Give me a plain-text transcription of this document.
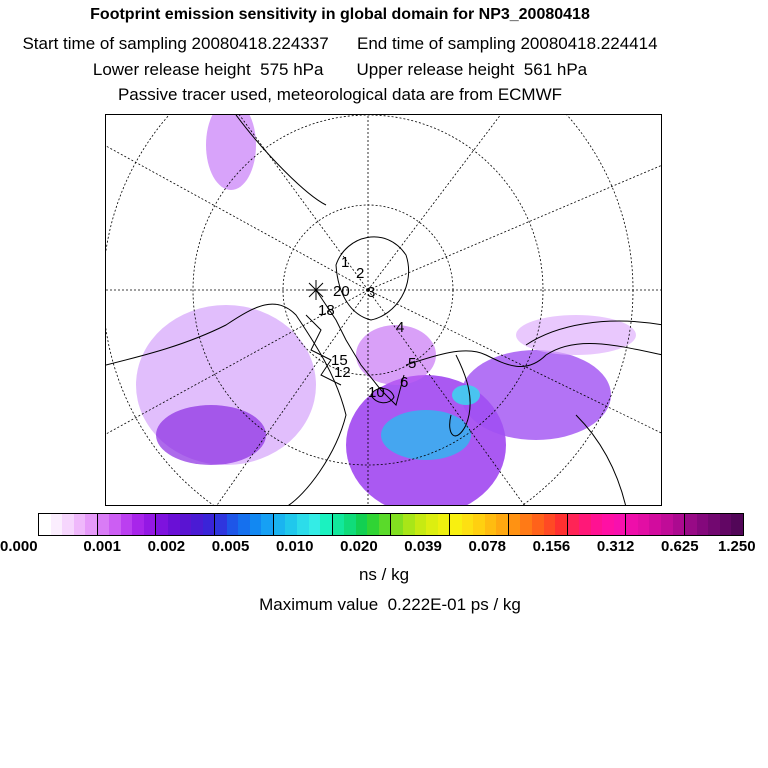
Footprint emission sensitivity in global domain for NP3_20080418
Start time of sampling 20080418.224337      End time of sampling 20080418.224414
Lower release height  575 hPa       Upper release height  561 hPa
Passive tracer used, meteorological data are from ECMWF
1
2
3
4
5
6
10
12
15
18
20
0.000	0.001 0.002 0.005 0.010 0.020 0.039 0.078 0.156 0.312 0.625 1.250
ns / kg
Maximum value  0.222E-01 ps / kg
